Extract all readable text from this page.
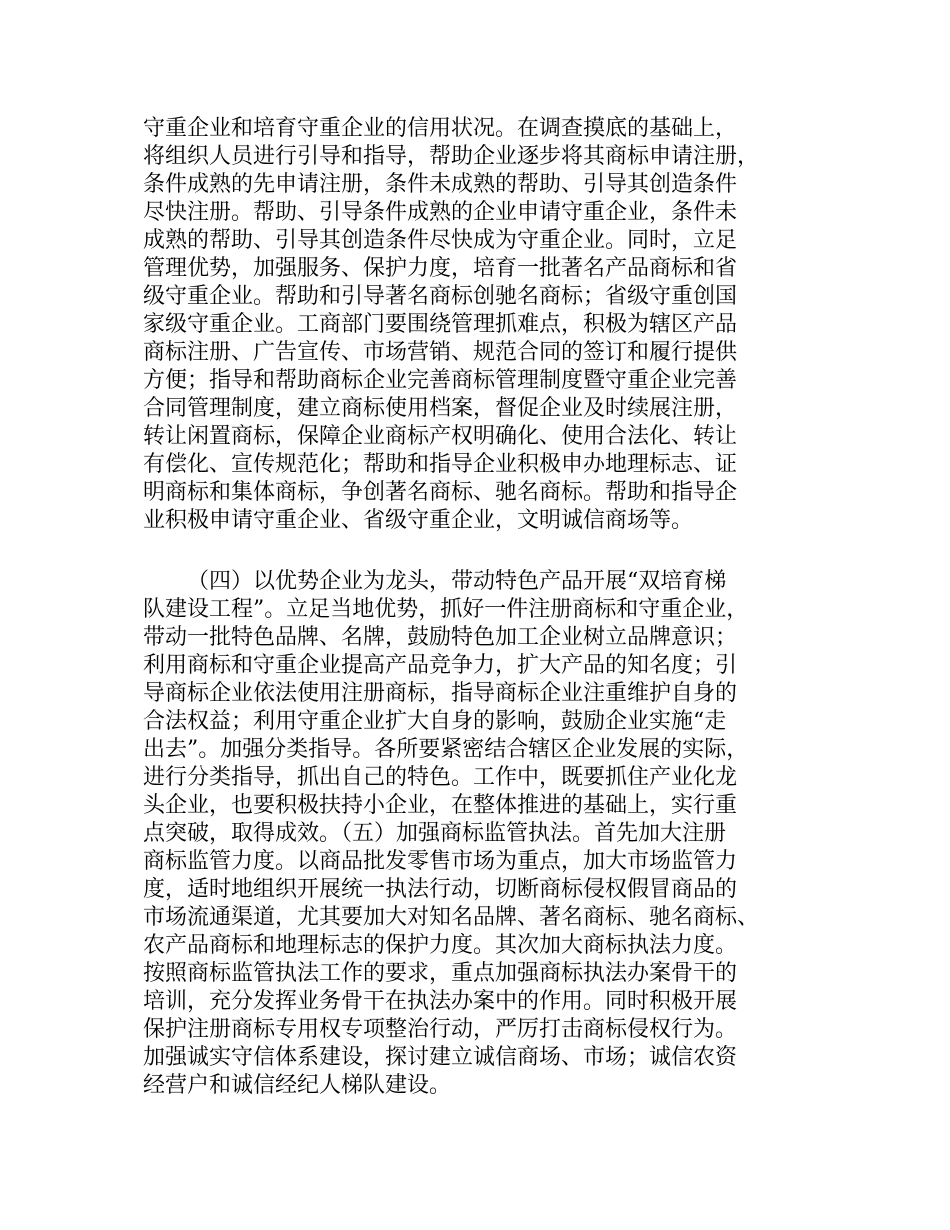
守重企业和培育守重企业的信用状况。在调查摸底的基础上，
将组织人员进行引导和指导，帮助企业逐步将其商标申请注册，
条件成熟的先申请注册，条件未成熟的帮助、引导其创造条件
尽快注册。帮助、引导条件成熟的企业申请守重企业，条件未
成熟的帮助、引导其创造条件尽快成为守重企业。同时，立足
管理优势，加强服务、保护力度，培育一批著名产品商标和省
级守重企业。帮助和引导著名商标创驰名商标；省级守重创国
家级守重企业。工商部门要围绕管理抓难点，积极为辖区产品
商标注册、广告宣传、市场营销、规范合同的签订和履行提供
方便；指导和帮助商标企业完善商标管理制度暨守重企业完善
合同管理制度，建立商标使用档案，督促企业及时续展注册，
转让闲置商标，保障企业商标产权明确化、使用合法化、转让
有偿化、宣传规范化；帮助和指导企业积极申办地理标志、证
明商标和集体商标，争创著名商标、驰名商标。帮助和指导企
业积极申请守重企业、省级守重企业，文明诚信商场等。
（四）以优势企业为龙头，带动特色产品开展“双培育梯
队建设工程”。立足当地优势，抓好一件注册商标和守重企业，
带动一批特色品牌、名牌，鼓励特色加工企业树立品牌意识；
利用商标和守重企业提高产品竞争力，扩大产品的知名度；引
导商标企业依法使用注册商标，指导商标企业注重维护自身的
合法权益；利用守重企业扩大自身的影响，鼓励企业实施“走
出去”。加强分类指导。各所要紧密结合辖区企业发展的实际，
进行分类指导，抓出自己的特色。工作中，既要抓住产业化龙
头企业，也要积极扶持小企业，在整体推进的基础上，实行重
点突破，取得成效。（五）加强商标监管执法。首先加大注册
商标监管力度。以商品批发零售市场为重点，加大市场监管力
度，适时地组织开展统一执法行动，切断商标侵权假冒商品的
市场流通渠道，尤其要加大对知名品牌、著名商标、驰名商标、
农产品商标和地理标志的保护力度。其次加大商标执法力度。
按照商标监管执法工作的要求，重点加强商标执法办案骨干的
培训，充分发挥业务骨干在执法办案中的作用。同时积极开展
保护注册商标专用权专项整治行动，严厉打击商标侵权行为。
加强诚实守信体系建设，探讨建立诚信商场、市场；诚信农资
经营户和诚信经纪人梯队建设。
